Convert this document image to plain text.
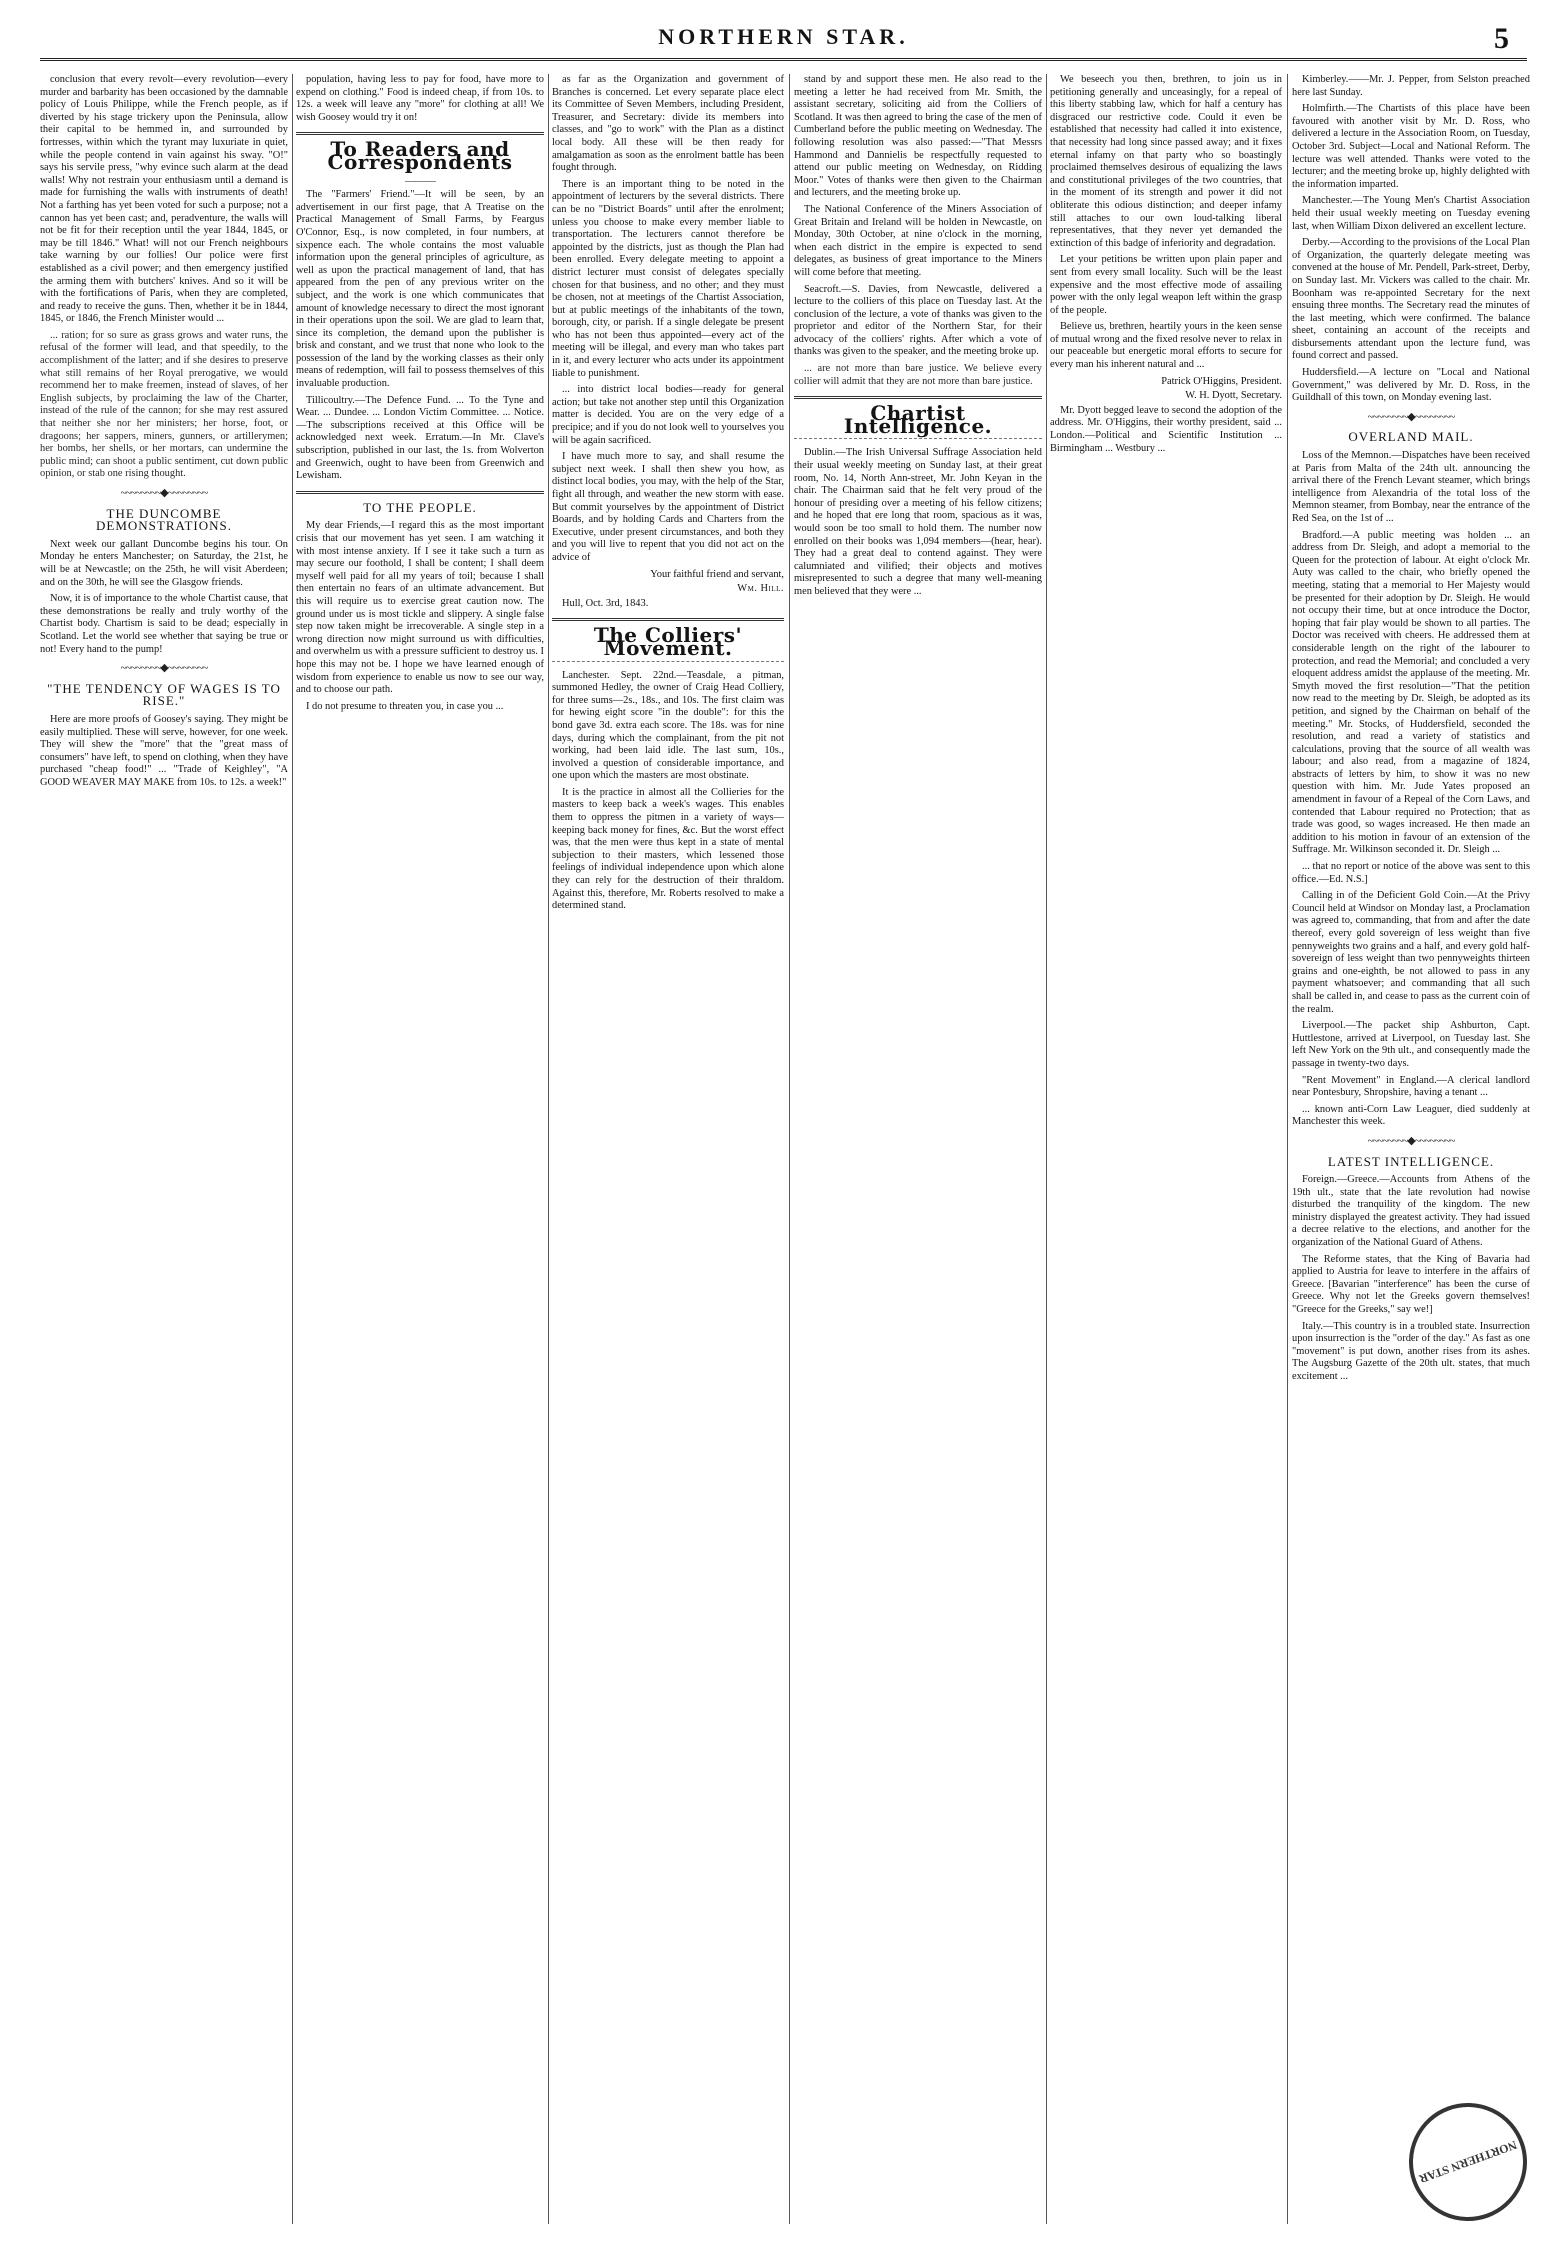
NORTHERN STAR.	5

conclusion that every revolt—every revolution—every murder and barbarity has been occasioned by the damnable policy of Louis Philippe, while the French people, as if diverted by his stage trickery upon the Peninsula, allow their capital to be hemmed in, and surrounded by fortresses, within which the tyrant may luxuriate in quiet, while the people contend in vain against his sway. "O!" says his servile press, "why evince such alarm at the dead walls! Why not restrain your enthusiasm until a demand is made for furnishing the walls with instruments of death! Not a farthing has yet been voted for such a purpose; not a cannon has yet been cast; and, peradventure, the walls will not be fit for their reception until the year 1844, 1845, or may be till 1846." What! will not our French neighbours take warning by our follies! Our police were first established as a civil power; and then emergency justified the arming them with butchers' knives. And so it will be with the fortifications of Paris, when they are completed, and ready to receive the guns. Then, whether it be in 1844, 1845, or 1846, the French Minister would ...

... ration; for so sure as grass grows and water runs, the refusal of the former will lead, and that speedily, to the accomplishment of the latter; and if she desires to preserve what still remains of her Royal prerogative, we would recommend her to make freemen, instead of slaves, of her English subjects, by proclaiming the law of the Charter, instead of the rule of the cannon; for she may rest assured that neither she nor her ministers; her horse, foot, or dragoons; her sappers, miners, gunners, or artillerymen; her bombs, her shells, or her mortars, can undermine the public mind; can shoot a public sentiment, cut down public opinion, or stab one rising thought.

~~~~~~~~◆~~~~~~~~
THE DUNCOMBE DEMONSTRATIONS.

Next week our gallant Duncombe begins his tour. On Monday he enters Manchester; on Saturday, the 21st, he will be at Newcastle; on the 25th, he will visit Aberdeen; and on the 30th, he will see the Glasgow friends.

Now, it is of importance to the whole Chartist cause, that these demonstrations be really and truly worthy of the Chartist body. Chartism is said to be dead; especially in Scotland. Let the world see whether that saying be true or not! Every hand to the pump!

~~~~~~~~◆~~~~~~~~
"THE TENDENCY OF WAGES IS TO RISE."

Here are more proofs of Goosey's saying. They might be easily multiplied. These will serve, however, for one week. They will shew the "more" that the "great mass of consumers" have left, to spend on clothing, when they have purchased "cheap food!" ... "Trade of Keighley", "A GOOD WEAVER MAY MAKE from 10s. to 12s. a week!"

population, having less to pay for food, have more to expend on clothing." Food is indeed cheap, if from 10s. to 12s. a week will leave any "more" for clothing at all! We wish Goosey would try it on!

To Readers and Correspondents
———

The "Farmers' Friend."—It will be seen, by an advertisement in our first page, that A Treatise on the Practical Management of Small Farms, by Feargus O'Connor, Esq., is now completed, in four numbers, at sixpence each. The whole contains the most valuable information upon the general principles of agriculture, as well as upon the practical management of land, that has appeared from the pen of any previous writer on the subject, and the work is one which communicates that amount of knowledge necessary to direct the most ignorant in their operations upon the soil. We are glad to learn that, since its completion, the demand upon the publisher is brisk and constant, and we trust that none who look to the possession of the land by the working classes as their only means of redemption, will fail to possess themselves of this invaluable production.

Tillicoultry.—The Defence Fund. ... To the Tyne and Wear. ... Dundee. ... London Victim Committee. ... Notice.—The subscriptions received at this Office will be acknowledged next week. Erratum.—In Mr. Clave's subscription, published in our last, the 1s. from Wolverton and Greenwich, ought to have been from Greenwich and Lewisham.

TO THE PEOPLE.

My dear Friends,—I regard this as the most important crisis that our movement has yet seen. I am watching it with most intense anxiety. If I see it take such a turn as may secure our foothold, I shall be content; I shall deem myself well paid for all my years of toil; because I shall then entertain no fears of an ultimate advancement. But this will require us to exercise great caution now. The ground under us is most tickle and slippery. A single false step now taken might be irrecoverable. A single step in a wrong direction now might surround us with difficulties, and overwhelm us with a pressure sufficient to destroy us. I hope this may not be. I hope we have learned enough of wisdom from experience to enable us now to see our way, and to choose our path.

I do not presume to threaten you, in case you ...

as far as the Organization and government of Branches is concerned. Let every separate place elect its Committee of Seven Members, including President, Treasurer, and Secretary: divide its members into classes, and "go to work" with the Plan as a distinct local body. All these will be then ready for amalgamation as soon as the enrolment battle has been fought through.

There is an important thing to be noted in the appointment of lecturers by the several districts. There can be no "District Boards" until after the enrolment; unless you choose to make every member liable to transportation. The lecturers cannot therefore be appointed by the districts, just as though the Plan had been enrolled. Every delegate meeting to appoint a district lecturer must consist of delegates specially chosen for that business, and no other; and they must be chosen, not at meetings of the Chartist Association, but at public meetings of the inhabitants of the town, borough, city, or parish. If a single delegate be present who has not been thus appointed—every act of the meeting will be illegal, and every man who takes part in it, and every lecturer who acts under its appointment liable to punishment.

... into district local bodies—ready for general action; but take not another step until this Organization matter is decided. You are on the very edge of a precipice; and if you do not look well to yourselves you will be again sacrificed.

I have much more to say, and shall resume the subject next week. I shall then shew you how, as distinct local bodies, you may, with the help of the Star, fight all through, and weather the new storm with ease. But commit yourselves by the appointment of District Boards, and by holding Cards and Charters from the Executive, under present circumstances, and both they and you will live to repent that you did not act on the advice of

Your faithful friend and servant,
Wm. Hill.

Hull, Oct. 3rd, 1843.

The Colliers' Movement.

Lanchester. Sept. 22nd.—Teasdale, a pitman, summoned Hedley, the owner of Craig Head Colliery, for three sums—2s., 18s., and 10s. The first claim was for hewing eight score "in the double": for this the bond gave 3d. extra each score. The 18s. was for nine days, during which the complainant, from the pit not working, had been laid idle. The last sum, 10s., involved a question of considerable importance, and one upon which the masters are most obstinate.

It is the practice in almost all the Collieries for the masters to keep back a week's wages. This enables them to oppress the pitmen in a variety of ways—keeping back money for fines, &c. But the worst effect was, that the men were thus kept in a state of mental subjection to their masters, which lessened those feelings of individual independence upon which alone they can rely for the destruction of their thraldom. Against this, therefore, Mr. Roberts resolved to make a determined stand.

stand by and support these men. He also read to the meeting a letter he had received from Mr. Smith, the assistant secretary, soliciting aid from the Colliers of Scotland. It was then agreed to bring the case of the men of Cumberland before the public meeting on Wednesday. The following resolution was also passed:—"That Messrs Hammond and Dannielis be respectfully requested to attend our public meeting on Wednesday, on Ridding Moor." Votes of thanks were then given to the Chairman and lecturers, and the meeting broke up.

The National Conference of the Miners Association of Great Britain and Ireland will be holden in Newcastle, on Monday, 30th October, at nine o'clock in the morning, when each district in the empire is expected to send delegates, as business of great importance to the Miners will come before that meeting.

Seacroft.—S. Davies, from Newcastle, delivered a lecture to the colliers of this place on Tuesday last. At the conclusion of the lecture, a vote of thanks was given to the proprietor and editor of the Northern Star, for their advocacy of the colliers' rights. After which a vote of thanks was given to the speaker, and the meeting broke up.

... are not more than bare justice. We believe every collier will admit that they are not more than bare justice.

Chartist Intelligence.

Dublin.—The Irish Universal Suffrage Association held their usual weekly meeting on Sunday last, at their great room, No. 14, North Ann-street, Mr. John Keyan in the chair. The Chairman said that he felt very proud of the honour of presiding over a meeting of his fellow citizens; and he hoped that ere long that room, spacious as it was, would soon be too small to hold them. The number now enrolled on their books was 1,094 members—(hear, hear). They had a great deal to contend against. They were calumniated and vilified; their objects and motives misrepresented to such a degree that many well-meaning men believed that they were ...

We beseech you then, brethren, to join us in petitioning generally and unceasingly, for a repeal of this liberty stabbing law, which for half a century has disgraced our restrictive code. Could it even be established that necessity had called it into existence, that necessity had long since passed away; and it fixes eternal infamy on that party who so boastingly proclaimed themselves desirous of equalizing the laws and constitutional privileges of the two countries, that in the moment of its strength and power it did not obliterate this odious distinction; and deeper infamy still attaches to our own loud-talking liberal representatives, that they never yet demanded the extinction of this badge of inferiority and degradation.

Let your petitions be written upon plain paper and sent from every small locality. Such will be the least expensive and the most effective mode of assailing power with the only legal weapon left within the grasp of the people.

Believe us, brethren, heartily yours in the keen sense of mutual wrong and the fixed resolve never to relax in our peaceable but energetic moral efforts to secure for every man his inherent natural and ...

Patrick O'Higgins, President.
W. H. Dyott, Secretary.

Mr. Dyott begged leave to second the adoption of the address. Mr. O'Higgins, their worthy president, said ... London.—Political and Scientific Institution ... Birmingham ... Westbury ...

Kimberley.——Mr. J. Pepper, from Selston preached here last Sunday.

Holmfirth.—The Chartists of this place have been favoured with another visit by Mr. D. Ross, who delivered a lecture in the Association Room, on Tuesday, October 3rd. Subject—Local and National Reform. The lecture was well attended. Thanks were voted to the lecturer; and the meeting broke up, highly delighted with the information imparted.

Manchester.—The Young Men's Chartist Association held their usual weekly meeting on Tuesday evening last, when William Dixon delivered an excellent lecture.

Derby.—According to the provisions of the Local Plan of Organization, the quarterly delegate meeting was convened at the house of Mr. Pendell, Park-street, Derby, on Sunday last. Mr. Vickers was called to the chair. Mr. Boonham was re-appointed Secretary for the next ensuing three months. The Secretary read the minutes of the last meeting, which were confirmed. The balance sheet, containing an account of the receipts and disbursements attendant upon the lecture fund, was found correct and passed.

Huddersfield.—A lecture on "Local and National Government," was delivered by Mr. D. Ross, in the Guildhall of this town, on Monday evening last.

~~~~~~~~◆~~~~~~~~
OVERLAND MAIL.

Loss of the Memnon.—Dispatches have been received at Paris from Malta of the 24th ult. announcing the arrival there of the French Levant steamer, which brings intelligence from Alexandria of the total loss of the Memnon steamer, from Bombay, near the entrance of the Red Sea, on the 1st of ...

Bradford.—A public meeting was holden ... an address from Dr. Sleigh, and adopt a memorial to the Queen for the protection of labour. At eight o'clock Mr. Auty was called to the chair, who briefly opened the meeting, stating that a memorial to Her Majesty would be presented for their adoption by Dr. Sleigh. He would not occupy their time, but at once introduce the Doctor, hoping that fair play would be shown to all parties. The Doctor was received with cheers. He addressed them at considerable length on the right of the labourer to protection, and read the Memorial; and concluded a very eloquent address amidst the applause of the meeting. Mr. Smyth moved the first resolution—"That the petition now read to the meeting by Dr. Sleigh, be adopted as its petition, and signed by the Chairman on behalf of the meeting." Mr. Stocks, of Huddersfield, seconded the resolution, and read a variety of statistics and calculations, proving that the source of all wealth was labour; and also read, from a magazine of 1824, abstracts of letters by him, to show it was no new question with him. Mr. Jude Yates proposed an amendment in favour of a Repeal of the Corn Laws, and contended that Labour required no Protection; that as trade was good, so wages increased. He then made an addition to his motion in favour of an extension of the Suffrage. Mr. Wilkinson seconded it. Dr. Sleigh ...

... that no report or notice of the above was sent to this office.—Ed. N.S.]

Calling in of the Deficient Gold Coin.—At the Privy Council held at Windsor on Monday last, a Proclamation was agreed to, commanding, that from and after the date thereof, every gold sovereign of less weight than five pennyweights two grains and a half, and every gold half-sovereign of less weight than two pennyweights thirteen grains and one-eighth, be not allowed to pass in any payment whatsoever; and commanding that all such shall be called in, and cease to pass as the current coin of the realm.

Liverpool.—The packet ship Ashburton, Capt. Huttlestone, arrived at Liverpool, on Tuesday last. She left New York on the 9th ult., and consequently made the passage in twenty-two days.

"Rent Movement" in England.—A clerical landlord near Pontesbury, Shropshire, having a tenant ...

... known anti-Corn Law Leaguer, died suddenly at Manchester this week.

~~~~~~~~◆~~~~~~~~
LATEST INTELLIGENCE.

Foreign.—Greece.—Accounts from Athens of the 19th ult., state that the late revolution had nowise disturbed the tranquility of the kingdom. The new ministry displayed the greatest activity. They had issued a decree relative to the elections, and another for the organization of the National Guard of Athens.

The Reforme states, that the King of Bavaria had applied to Austria for leave to interfere in the affairs of Greece. [Bavarian "interference" has been the curse of Greece. Why not let the Greeks govern themselves! "Greece for the Greeks," say we!]

Italy.—This country is in a troubled state. Insurrection upon insurrection is the "order of the day." As fast as one "movement" is put down, another rises from its ashes. The Augsburg Gazette of the 20th ult. states, that much excitement ...

NORTHERN STAR
